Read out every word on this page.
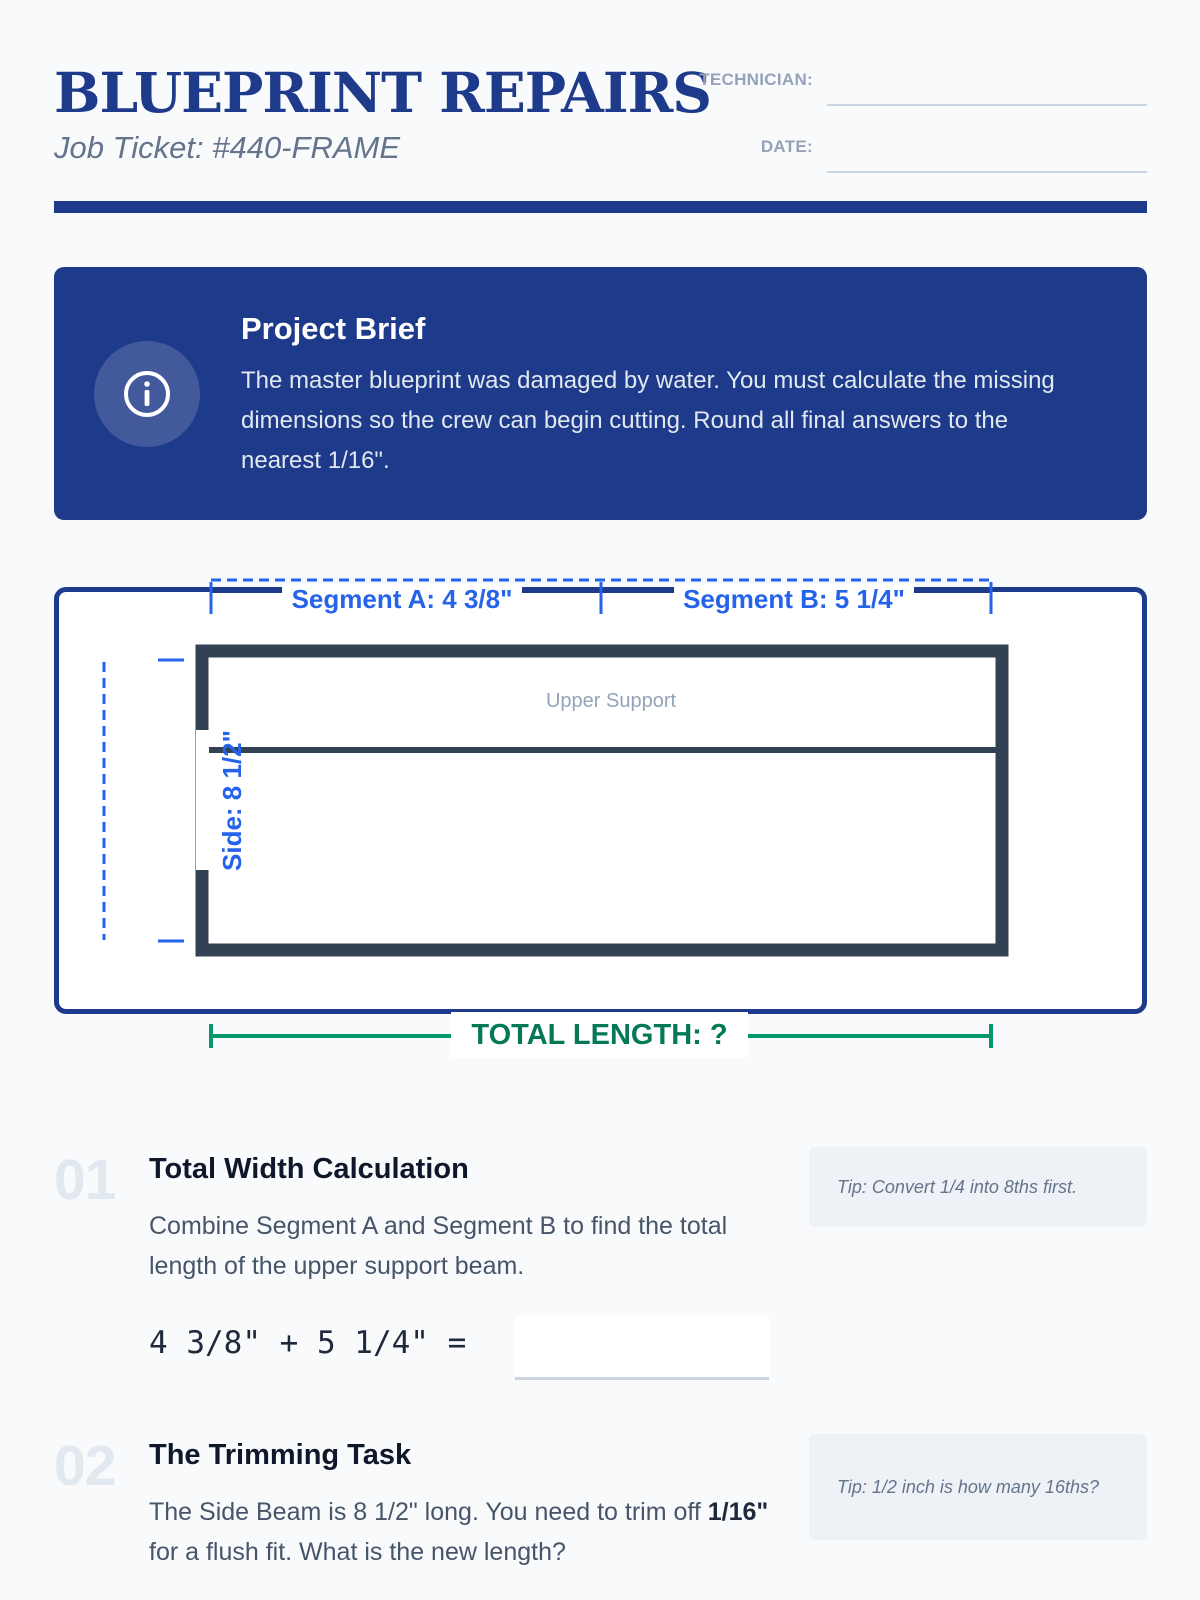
BLUEPRINT REPAIRS
Job Ticket: #440-FRAME
TECHNICIAN:
DATE:
Project Brief
The master blueprint was damaged by water. You must calculate the missing dimensions so the crew can begin cutting. Round all final answers to the nearest 1/16".
Segment A: 4 3/8"	Segment B: 5 1/4"
Upper Support
Side: 8 1/2"
TOTAL LENGTH: ?
01 Total Width Calculation
Combine Segment A and Segment B to find the total length of the upper support beam.
Tip: Convert 1/4 into 8ths first.
4 3/8" + 5 1/4" =
02 The Trimming Task
The Side Beam is 8 1/2" long. You need to trim off 1/16" for a flush fit. What is the new length?
Tip: 1/2 inch is how many 16ths?
